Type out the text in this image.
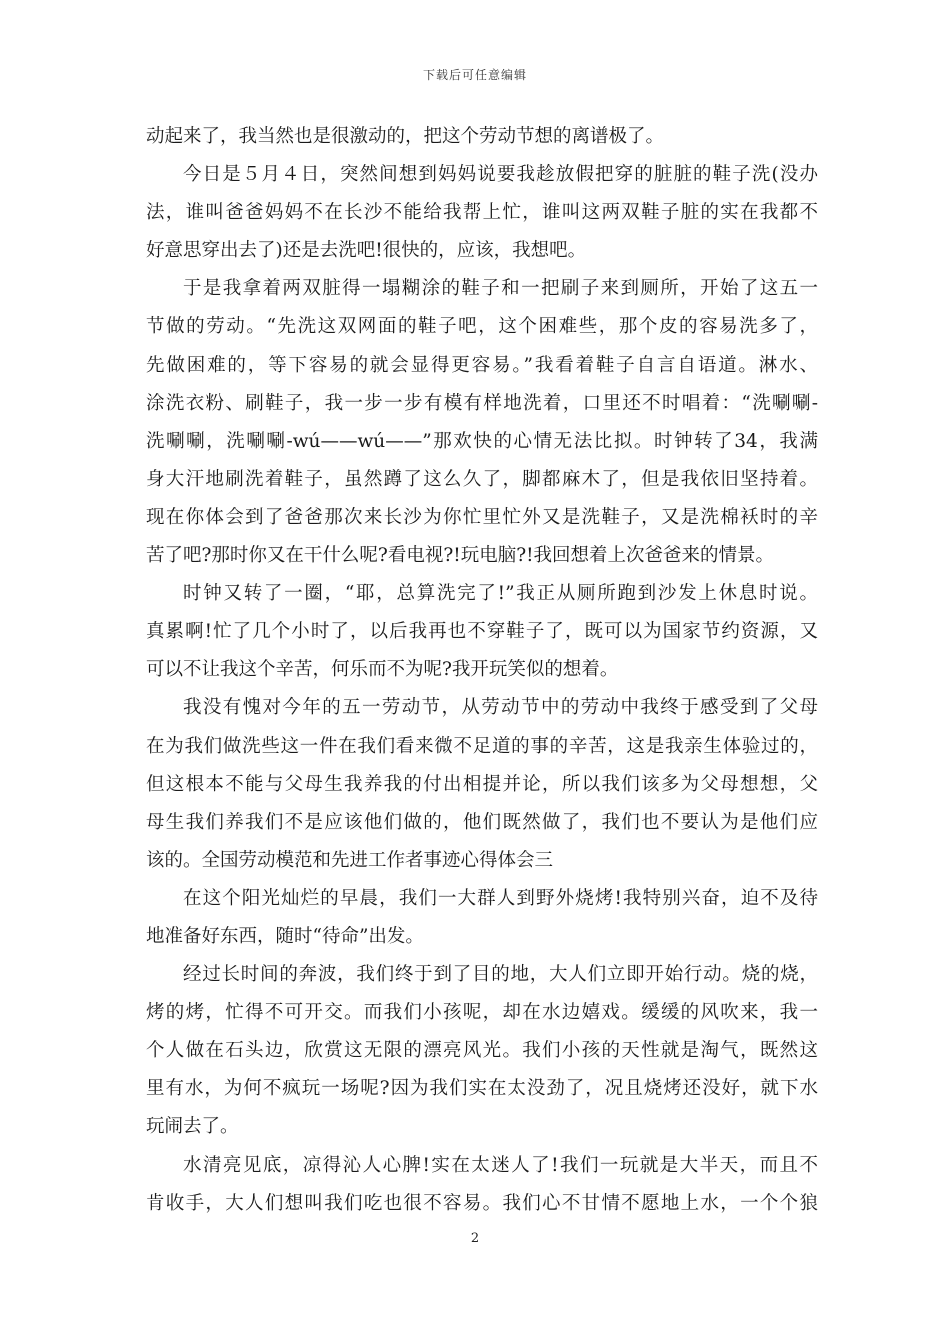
下载后可任意编辑
动起来了，我当然也是很激动的，把这个劳动节想的离谱极了。
今日是５月４日，突然间想到妈妈说要我趁放假把穿的脏脏的鞋子洗(没办
法，谁叫爸爸妈妈不在长沙不能给我帮上忙，谁叫这两双鞋子脏的实在我都不
好意思穿出去了)还是去洗吧!很快的，应该，我想吧。
于是我拿着两双脏得一塌糊涂的鞋子和一把刷子来到厕所，开始了这五一
节做的劳动。“先洗这双网面的鞋子吧，这个困难些，那个皮的容易洗多了，
先做困难的，等下容易的就会显得更容易。”我看着鞋子自言自语道。淋水、
涂洗衣粉、刷鞋子，我一步一步有模有样地洗着，口里还不时唱着：“洗唰唰-
洗唰唰，洗唰唰-wú——wú——”那欢快的心情无法比拟。时钟转了34，我满
身大汗地刷洗着鞋子，虽然蹲了这么久了，脚都麻木了，但是我依旧坚持着。
现在你体会到了爸爸那次来长沙为你忙里忙外又是洗鞋子，又是洗棉袄时的辛
苦了吧?那时你又在干什么呢?看电视?!玩电脑?!我回想着上次爸爸来的情景。
时钟又转了一圈，“耶，总算洗完了!”我正从厕所跑到沙发上休息时说。
真累啊!忙了几个小时了，以后我再也不穿鞋子了，既可以为国家节约资源，又
可以不让我这个辛苦，何乐而不为呢?我开玩笑似的想着。
我没有愧对今年的五一劳动节，从劳动节中的劳动中我终于感受到了父母
在为我们做洗些这一件在我们看来微不足道的事的辛苦，这是我亲生体验过的，
但这根本不能与父母生我养我的付出相提并论，所以我们该多为父母想想，父
母生我们养我们不是应该他们做的，他们既然做了，我们也不要认为是他们应
该的。全国劳动模范和先进工作者事迹心得体会三
在这个阳光灿烂的早晨，我们一大群人到野外烧烤!我特别兴奋，迫不及待
地准备好东西，随时“待命”出发。
经过长时间的奔波，我们终于到了目的地，大人们立即开始行动。烧的烧，
烤的烤，忙得不可开交。而我们小孩呢，却在水边嬉戏。缓缓的风吹来，我一
个人做在石头边，欣赏这无限的漂亮风光。我们小孩的天性就是淘气，既然这
里有水，为何不疯玩一场呢?因为我们实在太没劲了，况且烧烤还没好，就下水
玩闹去了。
水清亮见底，凉得沁人心脾!实在太迷人了!我们一玩就是大半天，而且不
肯收手，大人们想叫我们吃也很不容易。我们心不甘情不愿地上水，一个个狼
2
